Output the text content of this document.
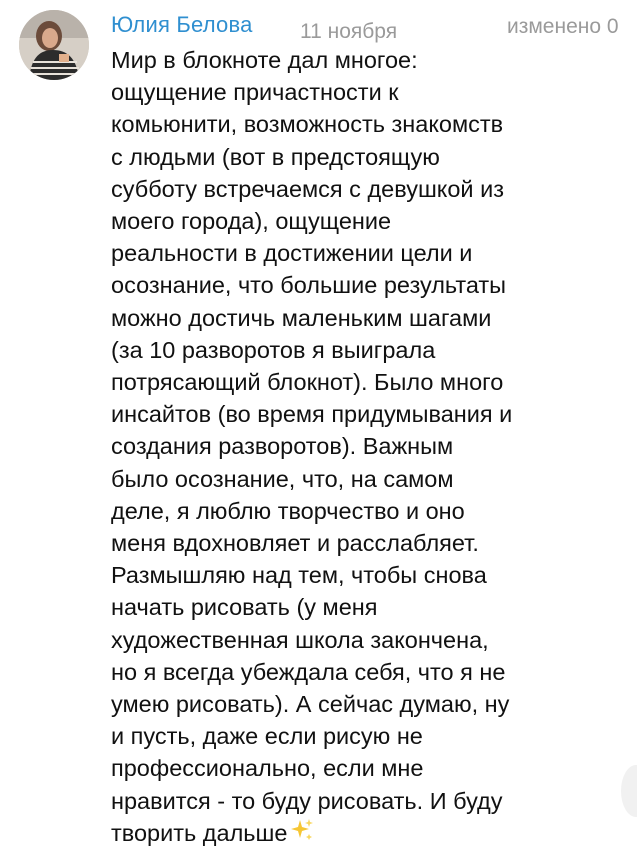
Юлия Белова 11 ноября	изменено 0
Мир в блокноте дал многое:
ощущение причастности к
комьюнити, возможность знакомств
с людьми (вот в предстоящую
субботу встречаемся с девушкой из
моего города), ощущение
реальности в достижении цели и
осознание, что большие результаты
можно достичь маленьким шагами
(за 10 разворотов я выиграла
потрясающий блокнот). Было много
инсайтов (во время придумывания и
создания разворотов). Важным
было осознание, что, на самом
деле, я люблю творчество и оно
меня вдохновляет и расслабляет.
Размышляю над тем, чтобы снова
начать рисовать (у меня
художественная школа закончена,
но я всегда убеждала себя, что я не
умею рисовать). А сейчас думаю, ну
и пусть, даже если рисую не
профессионально, если мне
нравится - то буду рисовать. И буду
творить дальше
